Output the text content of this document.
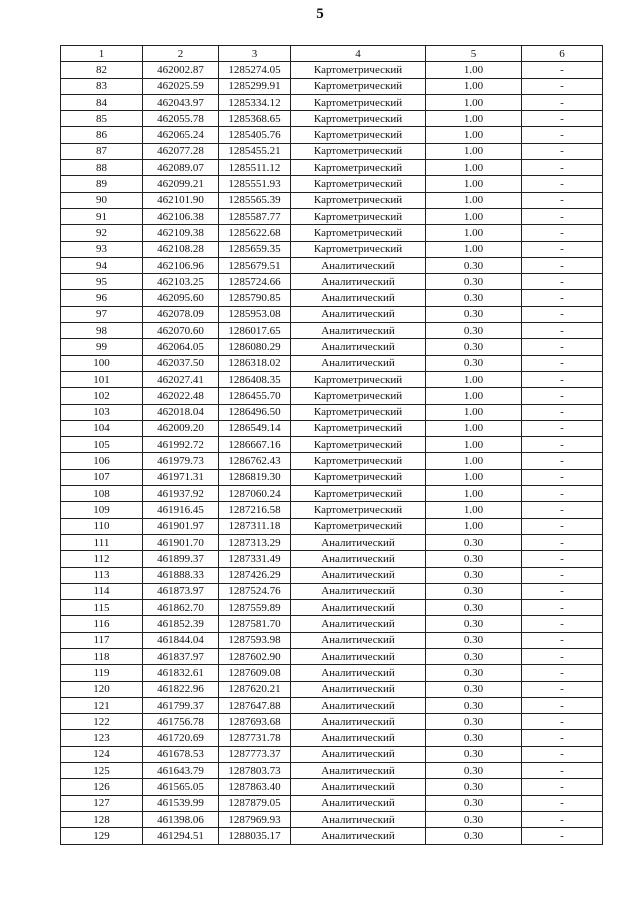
5
1	2	3	4	5	6
82	462002.87	1285274.05	Картометрический	1.00	-
83	462025.59	1285299.91	Картометрический	1.00	-
84	462043.97	1285334.12	Картометрический	1.00	-
85	462055.78	1285368.65	Картометрический	1.00	-
86	462065.24	1285405.76	Картометрический	1.00	-
87	462077.28	1285455.21	Картометрический	1.00	-
88	462089.07	1285511.12	Картометрический	1.00	-
89	462099.21	1285551.93	Картометрический	1.00	-
90	462101.90	1285565.39	Картометрический	1.00	-
91	462106.38	1285587.77	Картометрический	1.00	-
92	462109.38	1285622.68	Картометрический	1.00	-
93	462108.28	1285659.35	Картометрический	1.00	-
94	462106.96	1285679.51	Аналитический	0.30	-
95	462103.25	1285724.66	Аналитический	0.30	-
96	462095.60	1285790.85	Аналитический	0.30	-
97	462078.09	1285953.08	Аналитический	0.30	-
98	462070.60	1286017.65	Аналитический	0.30	-
99	462064.05	1286080.29	Аналитический	0.30	-
100	462037.50	1286318.02	Аналитический	0.30	-
101	462027.41	1286408.35	Картометрический	1.00	-
102	462022.48	1286455.70	Картометрический	1.00	-
103	462018.04	1286496.50	Картометрический	1.00	-
104	462009.20	1286549.14	Картометрический	1.00	-
105	461992.72	1286667.16	Картометрический	1.00	-
106	461979.73	1286762.43	Картометрический	1.00	-
107	461971.31	1286819.30	Картометрический	1.00	-
108	461937.92	1287060.24	Картометрический	1.00	-
109	461916.45	1287216.58	Картометрический	1.00	-
110	461901.97	1287311.18	Картометрический	1.00	-
111	461901.70	1287313.29	Аналитический	0.30	-
112	461899.37	1287331.49	Аналитический	0.30	-
113	461888.33	1287426.29	Аналитический	0.30	-
114	461873.97	1287524.76	Аналитический	0.30	-
115	461862.70	1287559.89	Аналитический	0.30	-
116	461852.39	1287581.70	Аналитический	0.30	-
117	461844.04	1287593.98	Аналитический	0.30	-
118	461837.97	1287602.90	Аналитический	0.30	-
119	461832.61	1287609.08	Аналитический	0.30	-
120	461822.96	1287620.21	Аналитический	0.30	-
121	461799.37	1287647.88	Аналитический	0.30	-
122	461756.78	1287693.68	Аналитический	0.30	-
123	461720.69	1287731.78	Аналитический	0.30	-
124	461678.53	1287773.37	Аналитический	0.30	-
125	461643.79	1287803.73	Аналитический	0.30	-
126	461565.05	1287863.40	Аналитический	0.30	-
127	461539.99	1287879.05	Аналитический	0.30	-
128	461398.06	1287969.93	Аналитический	0.30	-
129	461294.51	1288035.17	Аналитический	0.30	-
